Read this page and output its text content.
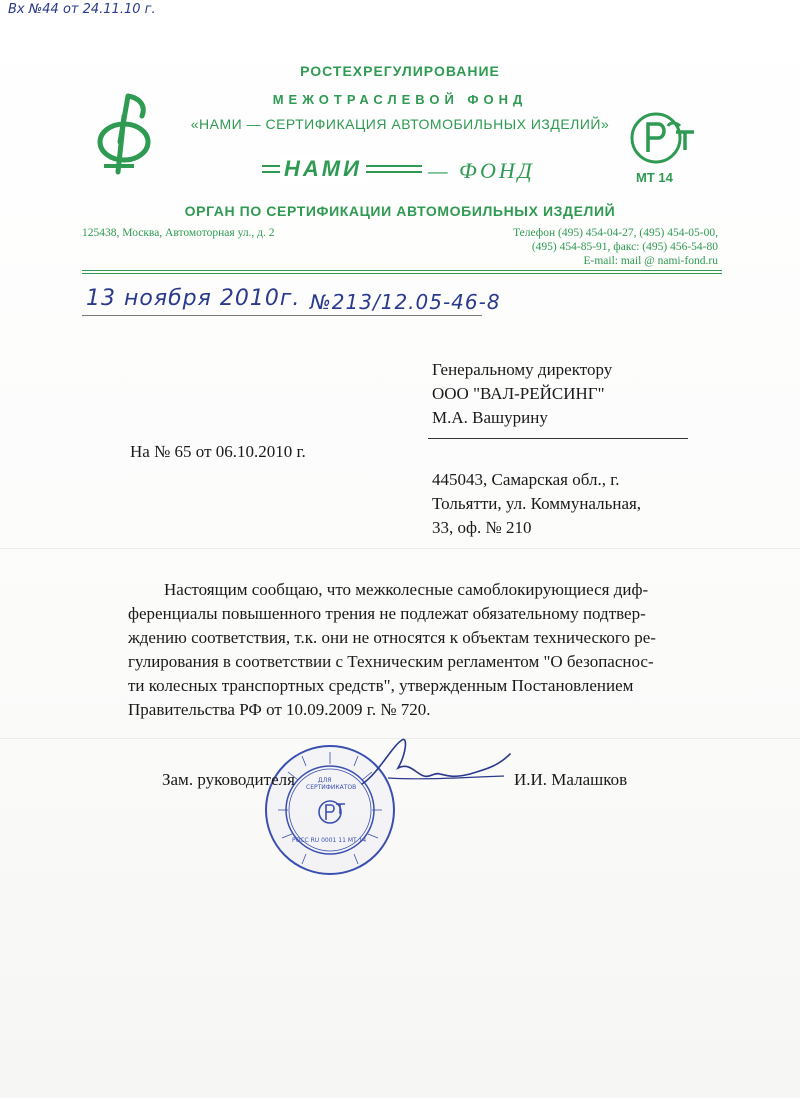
Вх №44 от 24.11.10 г.
РОСТЕХРЕГУЛИРОВАНИЕ
МЕЖОТРАСЛЕВОЙ ФОНД
«НАМИ — СЕРТИФИКАЦИЯ АВТОМОБИЛЬНЫХ ИЗДЕЛИЙ»
НАМИ	— ФОНД	МТ 14
ОРГАН ПО СЕРТИФИКАЦИИ АВТОМОБИЛЬНЫХ ИЗДЕЛИЙ
125438, Москва, Автомоторная ул., д. 2	Телефон (495) 454-04-27, (495) 454-05-00,
(495) 454-85-91, факс: (495) 456-54-80
E-mail: mail @ nami-fond.ru
13 ноября 2010г. №213/12.05-46-8
Генеральному директору
ООО "ВАЛ-РЕЙСИНГ"
М.А. Вашурину
На № 65 от 06.10.2010 г.
445043, Самарская обл., г.
Тольятти, ул. Коммунальная,
33, оф. № 210
Настоящим сообщаю, что межколесные самоблокирующиеся диф-
ференциалы повышенного трения не подлежат обязательному подтвер-
ждению соответствия, т.к. они не относятся к объектам технического ре-
гулирования в соответствии с Техническим регламентом "О безопаснос-
ти колесных транспортных средств", утвержденным Постановлением
Правительства РФ от 10.09.2009 г. № 720.
ДЛЯ
СЕРТИФИКАТОВ
РОСС RU 0001 11 МТ 14
Зам. руководителя	И.И. Малашков
